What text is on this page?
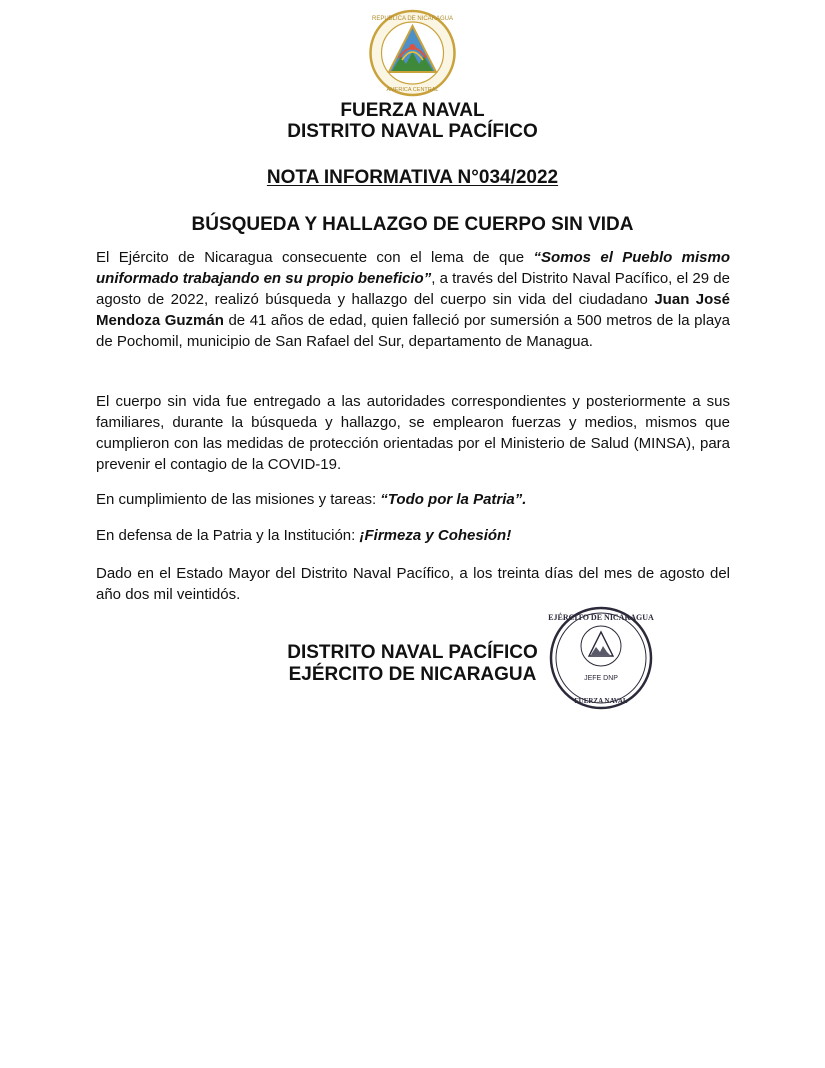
REPUBLICA DE NICARAGUA
AMERICA CENTRAL
FUERZA NAVAL
DISTRITO NAVAL PACÍFICO
NOTA INFORMATIVA N°034/2022
BÚSQUEDA Y HALLAZGO DE CUERPO SIN VIDA

El Ejército de Nicaragua consecuente con el lema de que “Somos el Pueblo mismo uniformado trabajando en su propio beneficio”, a través del Distrito Naval Pacífico, el 29 de agosto de 2022, realizó búsqueda y hallazgo del cuerpo sin vida del ciudadano Juan José Mendoza Guzmán de 41 años de edad, quien falleció por sumersión a 500 metros de la playa de Pochomil, municipio de San Rafael del Sur, departamento de Managua.

El cuerpo sin vida fue entregado a las autoridades correspondientes y posteriormente a sus familiares, durante la búsqueda y hallazgo, se emplearon fuerzas y medios, mismos que cumplieron con las medidas de protección orientadas por el Ministerio de Salud (MINSA), para prevenir el contagio de la COVID-19.

En cumplimiento de las misiones y tareas: “Todo por la Patria”.

En defensa de la Patria y la Institución: ¡Firmeza y Cohesión!

Dado en el Estado Mayor del Distrito Naval Pacífico, a los treinta días del mes de agosto del año dos mil veintidós.

DISTRITO NAVAL PACÍFICO
EJÉRCITO DE NICARAGUA
EJÉRCITO DE NICARAGUA
JEFE DNP
FUERZA NAVAL
